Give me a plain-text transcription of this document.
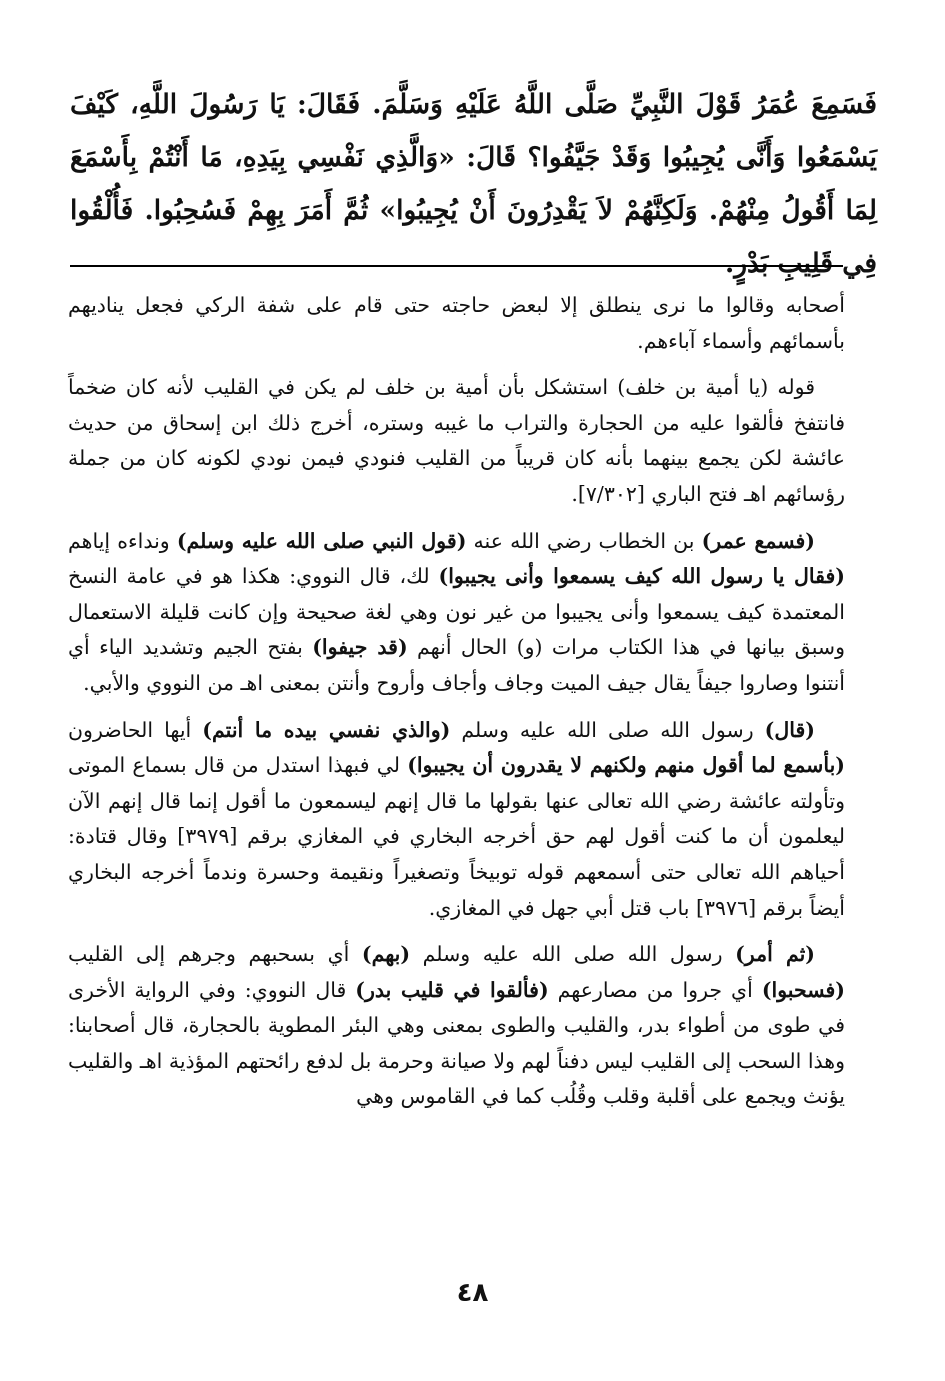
فَسَمِعَ عُمَرُ قَوْلَ النَّبِيِّ صَلَّى اللَّهُ عَلَيْهِ وَسَلَّمَ. فَقَالَ: يَا رَسُولَ اللَّهِ، كَيْفَ يَسْمَعُوا وَأَنَّى يُجِيبُوا وَقَدْ جَيَّفُوا؟ قَالَ: «وَالَّذِي نَفْسِي بِيَدِهِ، مَا أَنْتُمْ بِأَسْمَعَ لِمَا أَقُولُ مِنْهُمْ. وَلَكِنَّهُمْ لاَ يَقْدِرُونَ أَنْ يُجِيبُوا» ثُمَّ أَمَرَ بِهِمْ فَسُحِبُوا. فَأُلْقُوا فِي قَلِيبِ بَدْرٍ.

أصحابه وقالوا ما نرى ينطلق إلا لبعض حاجته حتى قام على شفة الركي فجعل يناديهم بأسمائهم وأسماء آباءهم.

قوله (يا أمية بن خلف) استشكل بأن أمية بن خلف لم يكن في القليب لأنه كان ضخماً فانتفخ فألقوا عليه من الحجارة والتراب ما غيبه وستره، أخرج ذلك ابن إسحاق من حديث عائشة لكن يجمع بينهما بأنه كان قريباً من القليب فنودي فيمن نودي لكونه كان من جملة رؤسائهم اهـ فتح الباري [٧/٣٠٢].

(فسمع عمر) بن الخطاب رضي الله عنه (قول النبي صلى الله عليه وسلم) ونداءه إياهم (فقال يا رسول الله كيف يسمعوا وأنى يجيبوا) لك، قال النووي: هكذا هو في عامة النسخ المعتمدة كيف يسمعوا وأنى يجيبوا من غير نون وهي لغة صحيحة وإن كانت قليلة الاستعمال وسبق بيانها في هذا الكتاب مرات (و) الحال أنهم (قد جيفوا) بفتح الجيم وتشديد الياء أي أنتنوا وصاروا جيفاً يقال جيف الميت وجاف وأجاف وأروح وأنتن بمعنى اهـ من النووي والأبي.

(قال) رسول الله صلى الله عليه وسلم (والذي نفسي بيده ما أنتم) أيها الحاضرون (بأسمع لما أقول منهم ولكنهم لا يقدرون أن يجيبوا) لي فبهذا استدل من قال بسماع الموتى وتأولته عائشة رضي الله تعالى عنها بقولها ما قال إنهم ليسمعون ما أقول إنما قال إنهم الآن ليعلمون أن ما كنت أقول لهم حق أخرجه البخاري في المغازي برقم [٣٩٧٩] وقال قتادة: أحياهم الله تعالى حتى أسمعهم قوله توبيخاً وتصغيراً ونقيمة وحسرة وندماً أخرجه البخاري أيضاً برقم [٣٩٧٦] باب قتل أبي جهل في المغازي.

(ثم أمر) رسول الله صلى الله عليه وسلم (بهم) أي بسحبهم وجرهم إلى القليب (فسحبوا) أي جروا من مصارعهم (فألقوا في قليب بدر) قال النووي: وفي الرواية الأخرى في طوى من أطواء بدر، والقليب والطوى بمعنى وهي البئر المطوية بالحجارة، قال أصحابنا: وهذا السحب إلى القليب ليس دفناً لهم ولا صيانة وحرمة بل لدفع رائحتهم المؤذية اهـ والقليب يؤنث ويجمع على أقلبة وقلب وقُلُب كما في القاموس وهي

٤٨
